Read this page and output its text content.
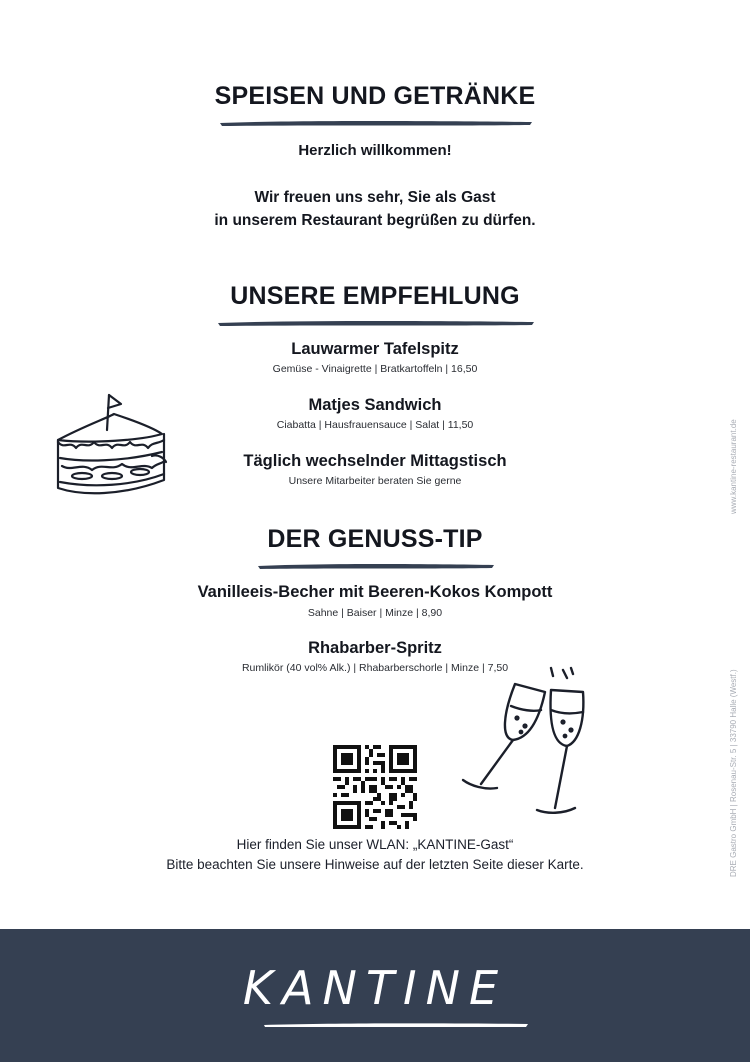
SPEISEN UND GETRÄNKE
Herzlich willkommen!
Wir freuen uns sehr, Sie als Gast
in unserem Restaurant begrüßen zu dürfen.
UNSERE EMPFEHLUNG
Lauwarmer Tafelspitz
Gemüse - Vinaigrette | Bratkartoffeln | 16,50
Matjes Sandwich
Ciabatta | Hausfrauensauce | Salat | 11,50
Täglich wechselnder Mittagstisch
Unsere Mitarbeiter beraten Sie gerne
DER GENUSS-TIP
Vanilleeis-Becher mit Beeren-Kokos Kompott
Sahne | Baiser | Minze | 8,90
Rhabarber-Spritz
Rumlikör (40 vol% Alk.) | Rhabarberschorle | Minze | 7,50
Hier finden Sie unser WLAN: „KANTINE-Gast“
Bitte beachten Sie unsere Hinweise auf der letzten Seite dieser Karte.
www.kantine-restaurant.de
DRE Gastro GmbH | Rosenau-Str. 5 | 33790 Halle (Westf.)
KANTINE
